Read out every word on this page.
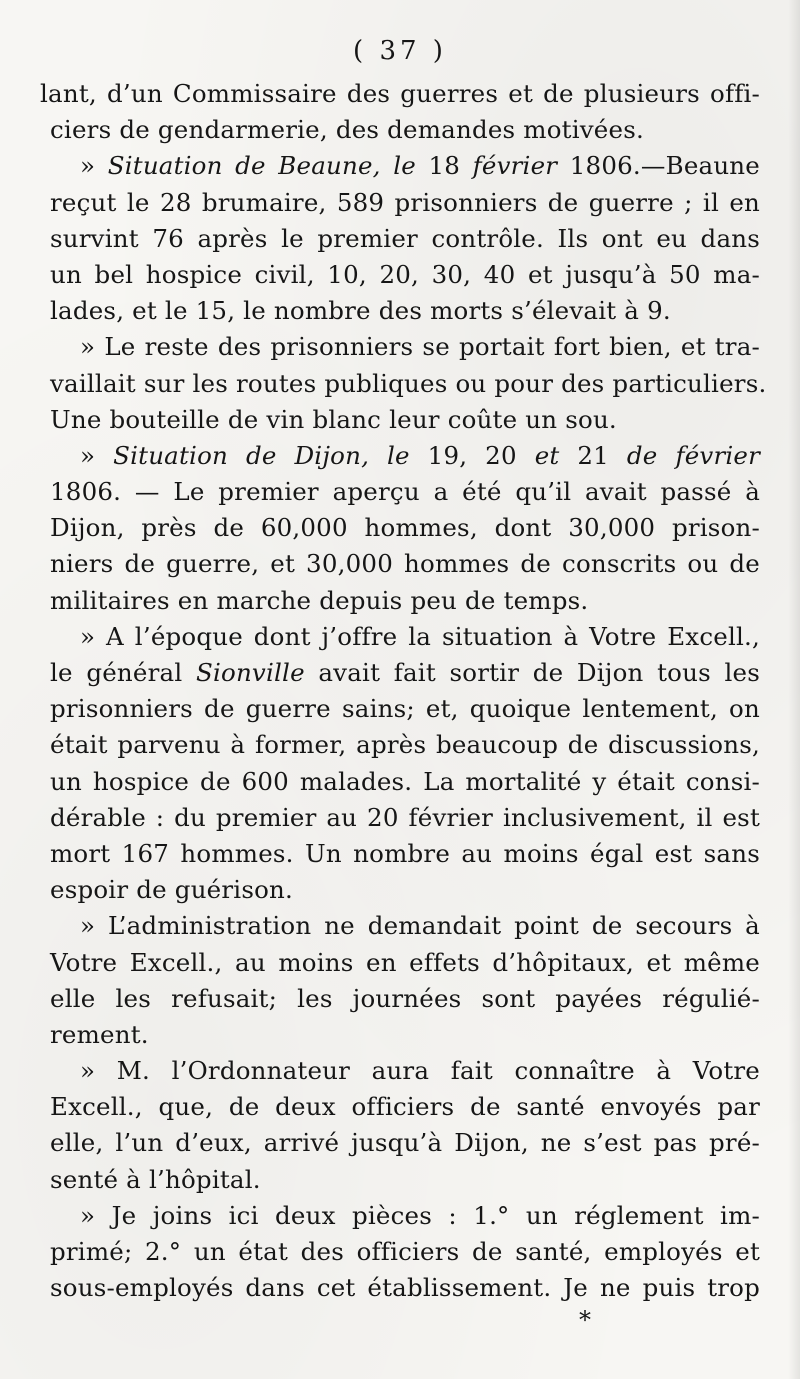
( 37 )
lant, d’un Commissaire des guerres et de plusieurs offi-
ciers de gendarmerie, des demandes motivées.
» Situation de Beaune, le 18 février 1806.—Beaune
reçut le 28 brumaire, 589 prisonniers de guerre ; il en
survint 76 après le premier contrôle. Ils ont eu dans
un bel hospice civil, 10, 20, 30, 40 et jusqu’à 50 ma-
lades, et le 15, le nombre des morts s’élevait à 9.
» Le reste des prisonniers se portait fort bien, et tra-
vaillait sur les routes publiques ou pour des particuliers.
Une bouteille de vin blanc leur coûte un sou.
» Situation de Dijon, le 19, 20 et 21 de février
1806. — Le premier aperçu a été qu’il avait passé à
Dijon, près de 60,000 hommes, dont 30,000 prison-
niers de guerre, et 30,000 hommes de conscrits ou de
militaires en marche depuis peu de temps.
» A l’époque dont j’offre la situation à Votre Excell.,
le général Sionville avait fait sortir de Dijon tous les
prisonniers de guerre sains; et, quoique lentement, on
était parvenu à former, après beaucoup de discussions,
un hospice de 600 malades. La mortalité y était consi-
dérable : du premier au 20 février inclusivement, il est
mort 167 hommes. Un nombre au moins égal est sans
espoir de guérison.
» L’administration ne demandait point de secours à
Votre Excell., au moins en effets d’hôpitaux, et même
elle les refusait; les journées sont payées régulié-
rement.
» M. l’Ordonnateur aura fait connaître à Votre
Excell., que, de deux officiers de santé envoyés par
elle, l’un d’eux, arrivé jusqu’à Dijon, ne s’est pas pré-
senté à l’hôpital.
» Je joins ici deux pièces : 1.° un réglement im-
primé; 2.° un état des officiers de santé, employés et
sous-employés dans cet établissement. Je ne puis trop
*
